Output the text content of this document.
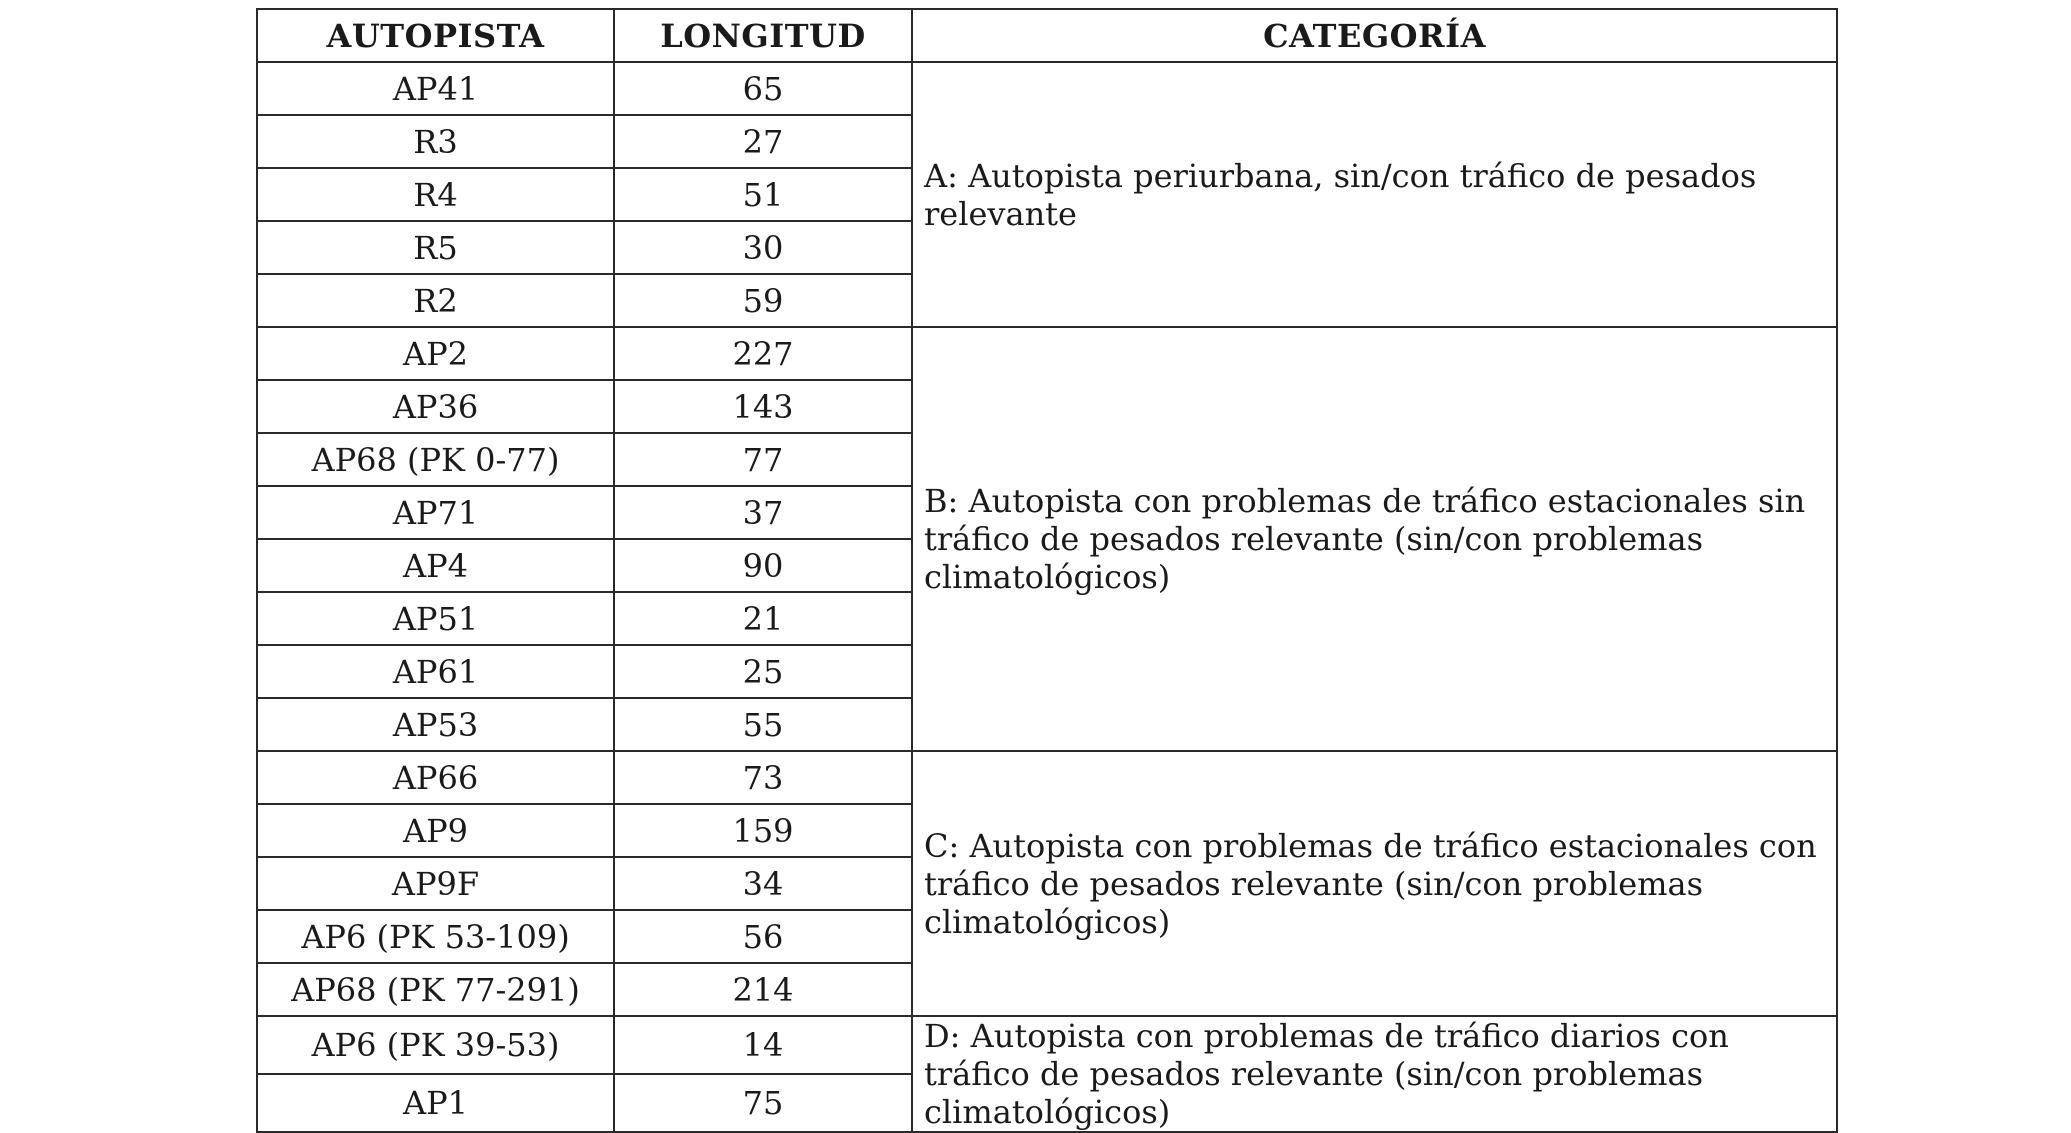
AUTOPISTA	LONGITUD	CATEGORÍA
AP41	65	A: Autopista periurbana, sin/con tráfico de pesados relevante
R3	27	
R4	51	
R5	30	
R2	59	
AP2	227	B: Autopista con problemas de tráfico estacionales sin tráfico de pesados relevante (sin/con problemas climatológicos)
AP36	143	
AP68 (PK 0-77)	77	
AP71	37	
AP4	90	
AP51	21	
AP61	25	
AP53	55	
AP66	73	C: Autopista con problemas de tráfico estacionales con tráfico de pesados relevante (sin/con problemas climatológicos)
AP9	159	
AP9F	34	
AP6 (PK 53-109)	56	
AP68 (PK 77-291)	214	
AP6 (PK 39-53)	14	D: Autopista con problemas de tráfico diarios con tráfico de pesados relevante (sin/con problemas climatológicos)
AP1	75	
